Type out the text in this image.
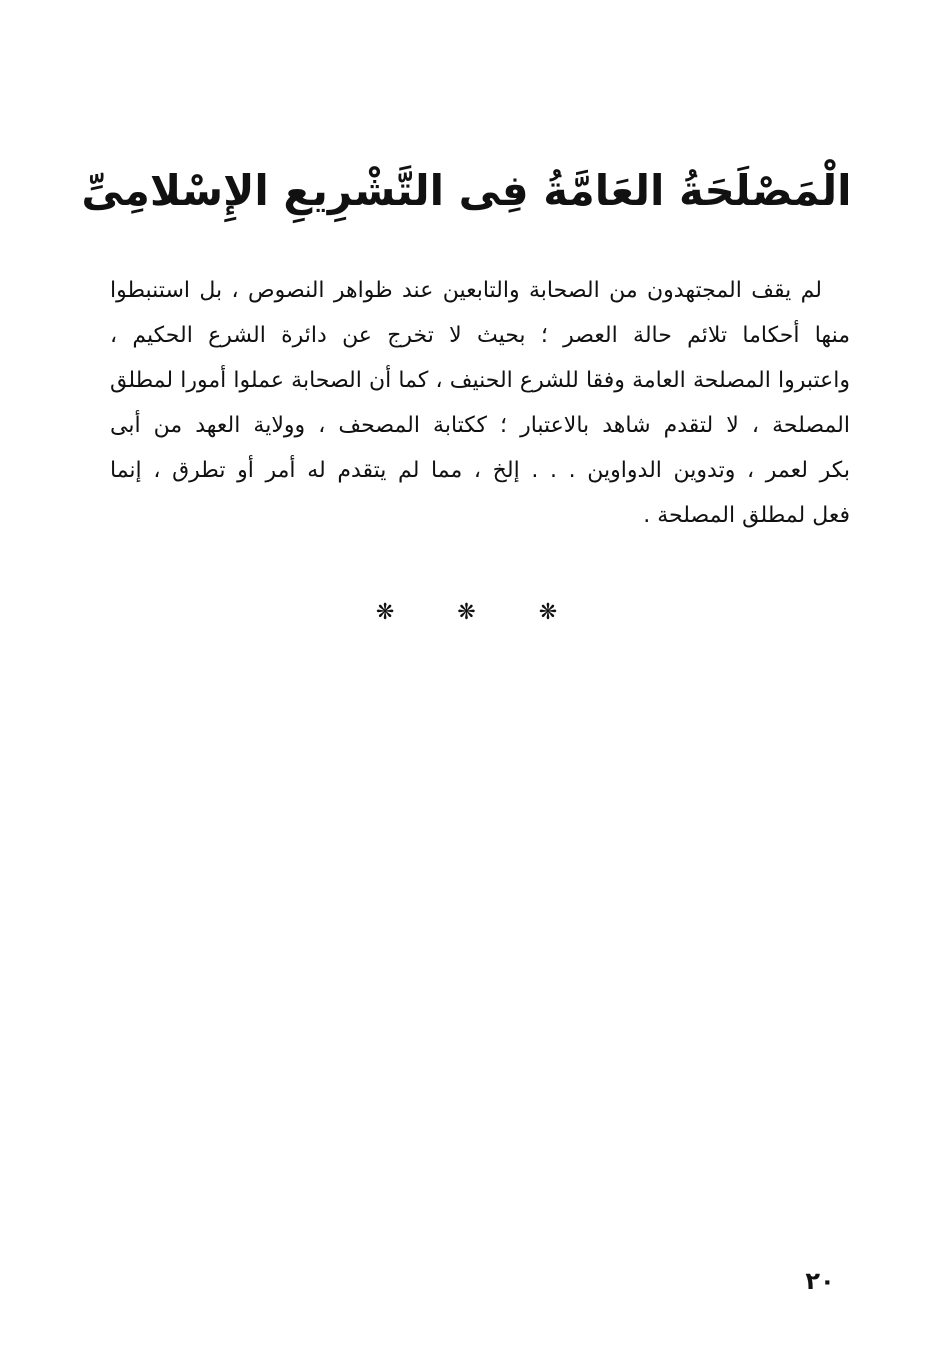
الْمَصْلَحَةُ العَامَّةُ فِى التَّشْرِيعِ الإِسْلامِىِّ
لم يقف المجتهدون من الصحابة والتابعين عند ظواهر النصوص ، بل استنبطوا
منها أحكاما تلائم حالة العصر ؛ بحيث لا تخرج عن دائرة الشرع الحكيم ،
واعتبروا المصلحة العامة وفقا للشرع الحنيف ، كما أن الصحابة عملوا أمورا لمطلق
المصلحة ، لا لتقدم شاهد بالاعتبار ؛ ككتابة المصحف ، وولاية العهد من أبى
بكر لعمر ، وتدوين الدواوين . . . إلخ ، مما لم يتقدم له أمر أو تطرق ، إنما
فعل لمطلق المصلحة .
❋	❋	❋
٢٠
